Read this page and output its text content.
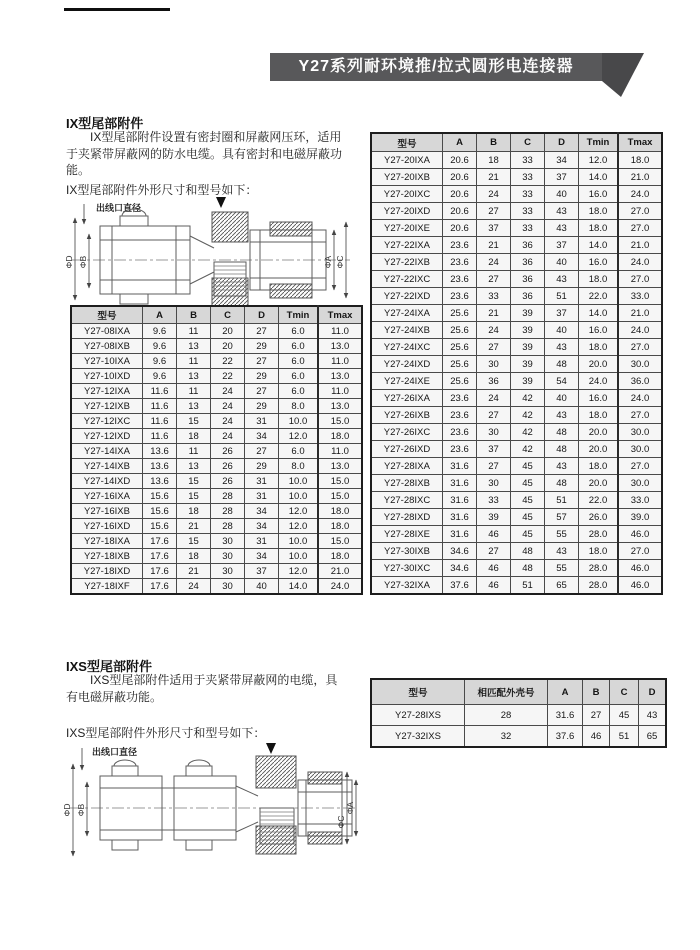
Y27系列耐环境推/拉式圆形电连接器
IX型尾部附件

IX型尾部附件设置有密封圈和屏蔽网压环，适用于夹紧带屏蔽网的防水电缆。具有密封和电磁屏蔽功能。

IX型尾部附件外形尺寸和型号如下：
出线口直径
ΦD ΦB	ΦA ΦC
型号	A	B	C	D	Tmin	Tmax
Y27-08IXA	9.6	11	20	27	6.0	11.0
Y27-08IXB	9.6	13	20	29	6.0	13.0
Y27-10IXA	9.6	11	22	27	6.0	11.0
Y27-10IXD	9.6	13	22	29	6.0	13.0
Y27-12IXA	11.6	11	24	27	6.0	11.0
Y27-12IXB	11.6	13	24	29	8.0	13.0
Y27-12IXC	11.6	15	24	31	10.0	15.0
Y27-12IXD	11.6	18	24	34	12.0	18.0
Y27-14IXA	13.6	11	26	27	6.0	11.0
Y27-14IXB	13.6	13	26	29	8.0	13.0
Y27-14IXD	13.6	15	26	31	10.0	15.0
Y27-16IXA	15.6	15	28	31	10.0	15.0
Y27-16IXB	15.6	18	28	34	12.0	18.0
Y27-16IXD	15.6	21	28	34	12.0	18.0
Y27-18IXA	17.6	15	30	31	10.0	15.0
Y27-18IXB	17.6	18	30	34	10.0	18.0
Y27-18IXD	17.6	21	30	37	12.0	21.0
Y27-18IXF	17.6	24	30	40	14.0	24.0
型号	A	B	C	D	Tmin	Tmax
Y27-20IXA	20.6	18	33	34	12.0	18.0
Y27-20IXB	20.6	21	33	37	14.0	21.0
Y27-20IXC	20.6	24	33	40	16.0	24.0
Y27-20IXD	20.6	27	33	43	18.0	27.0
Y27-20IXE	20.6	37	33	43	18.0	27.0
Y27-22IXA	23.6	21	36	37	14.0	21.0
Y27-22IXB	23.6	24	36	40	16.0	24.0
Y27-22IXC	23.6	27	36	43	18.0	27.0
Y27-22IXD	23.6	33	36	51	22.0	33.0
Y27-24IXA	25.6	21	39	37	14.0	21.0
Y27-24IXB	25.6	24	39	40	16.0	24.0
Y27-24IXC	25.6	27	39	43	18.0	27.0
Y27-24IXD	25.6	30	39	48	20.0	30.0
Y27-24IXE	25.6	36	39	54	24.0	36.0
Y27-26IXA	23.6	24	42	40	16.0	24.0
Y27-26IXB	23.6	27	42	43	18.0	27.0
Y27-26IXC	23.6	30	42	48	20.0	30.0
Y27-26IXD	23.6	37	42	48	20.0	30.0
Y27-28IXA	31.6	27	45	43	18.0	27.0
Y27-28IXB	31.6	30	45	48	20.0	30.0
Y27-28IXC	31.6	33	45	51	22.0	33.0
Y27-28IXD	31.6	39	45	57	26.0	39.0
Y27-28IXE	31.6	46	45	55	28.0	46.0
Y27-30IXB	34.6	27	48	43	18.0	27.0
Y27-30IXC	34.6	46	48	55	28.0	46.0
Y27-32IXA	37.6	46	51	65	28.0	46.0
IXS型尾部附件

IXS型尾部附件适用于夹紧带屏蔽网的电缆，具有电磁屏蔽功能。

IXS型尾部附件外形尺寸和型号如下：
出线口直径
ΦD ΦB	ΦA
ΦC
型号	相匹配外壳号	A	B	C	D
Y27-28IXS	28	31.6	27	45	43
Y27-32IXS	32	37.6	46	51	65
